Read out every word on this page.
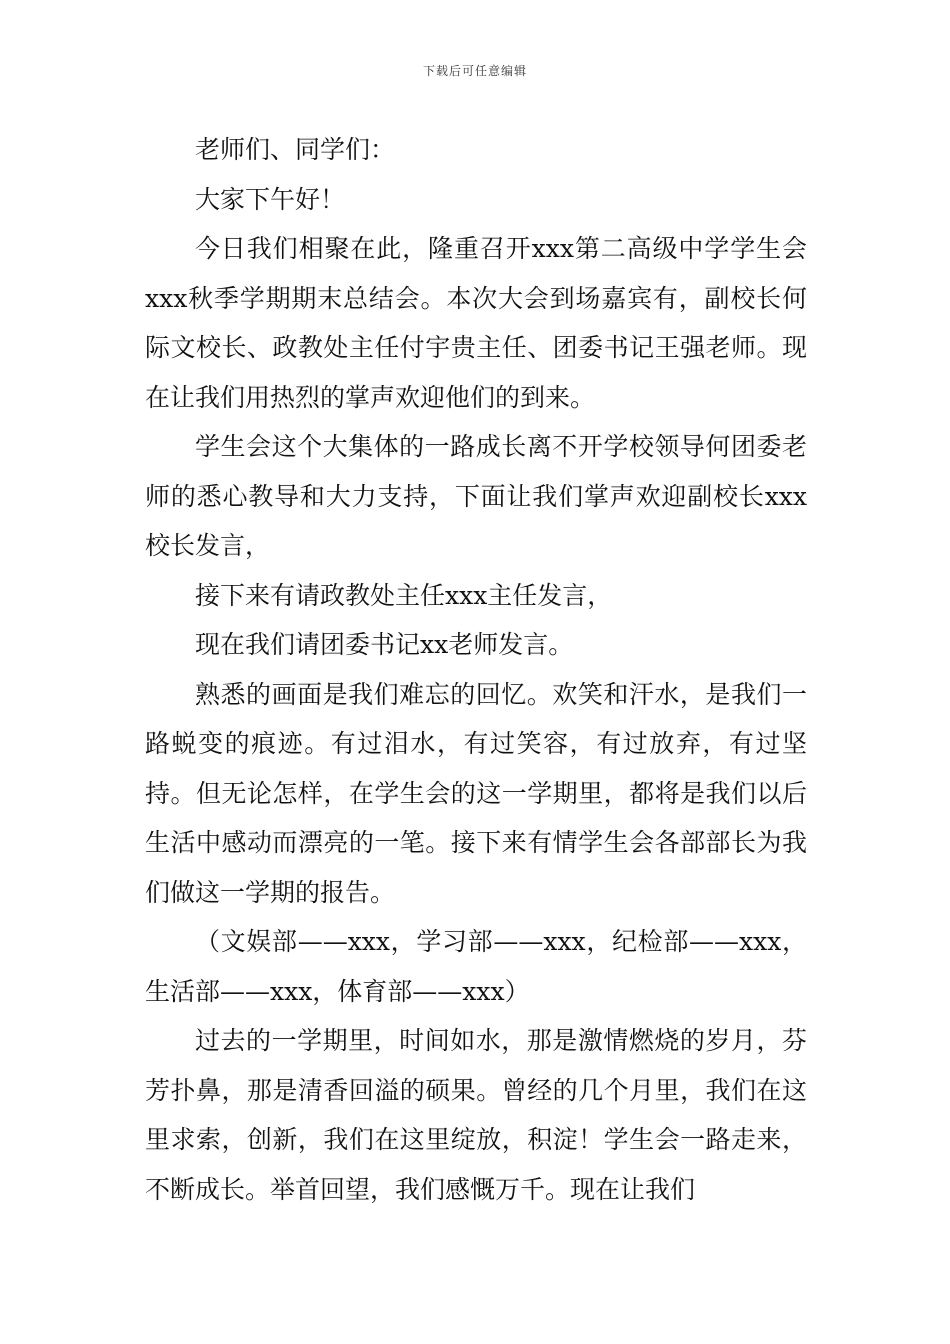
下载后可任意编辑

老师们、同学们：

大家下午好！

今日我们相聚在此，隆重召开xxx第二高级中学学生会xxx秋季学期期末总结会。本次大会到场嘉宾有，副校长何际文校长、政教处主任付宇贵主任、团委书记王强老师。现在让我们用热烈的掌声欢迎他们的到来。

学生会这个大集体的一路成长离不开学校领导何团委老师的悉心教导和大力支持，下面让我们掌声欢迎副校长xxx校长发言，

接下来有请政教处主任xxx主任发言，

现在我们请团委书记xx老师发言。

熟悉的画面是我们难忘的回忆。欢笑和汗水，是我们一路蜕变的痕迹。有过泪水，有过笑容，有过放弃，有过坚持。但无论怎样，在学生会的这一学期里，都将是我们以后生活中感动而漂亮的一笔。接下来有情学生会各部部长为我们做这一学期的报告。

（文娱部——xxx，学习部——xxx，纪检部——xxx，生活部——xxx，体育部——xxx）

过去的一学期里，时间如水，那是激情燃烧的岁月，芬芳扑鼻，那是清香回溢的硕果。曾经的几个月里，我们在这里求索，创新，我们在这里绽放，积淀！学生会一路走来，不断成长。举首回望，我们感慨万千。现在让我们
